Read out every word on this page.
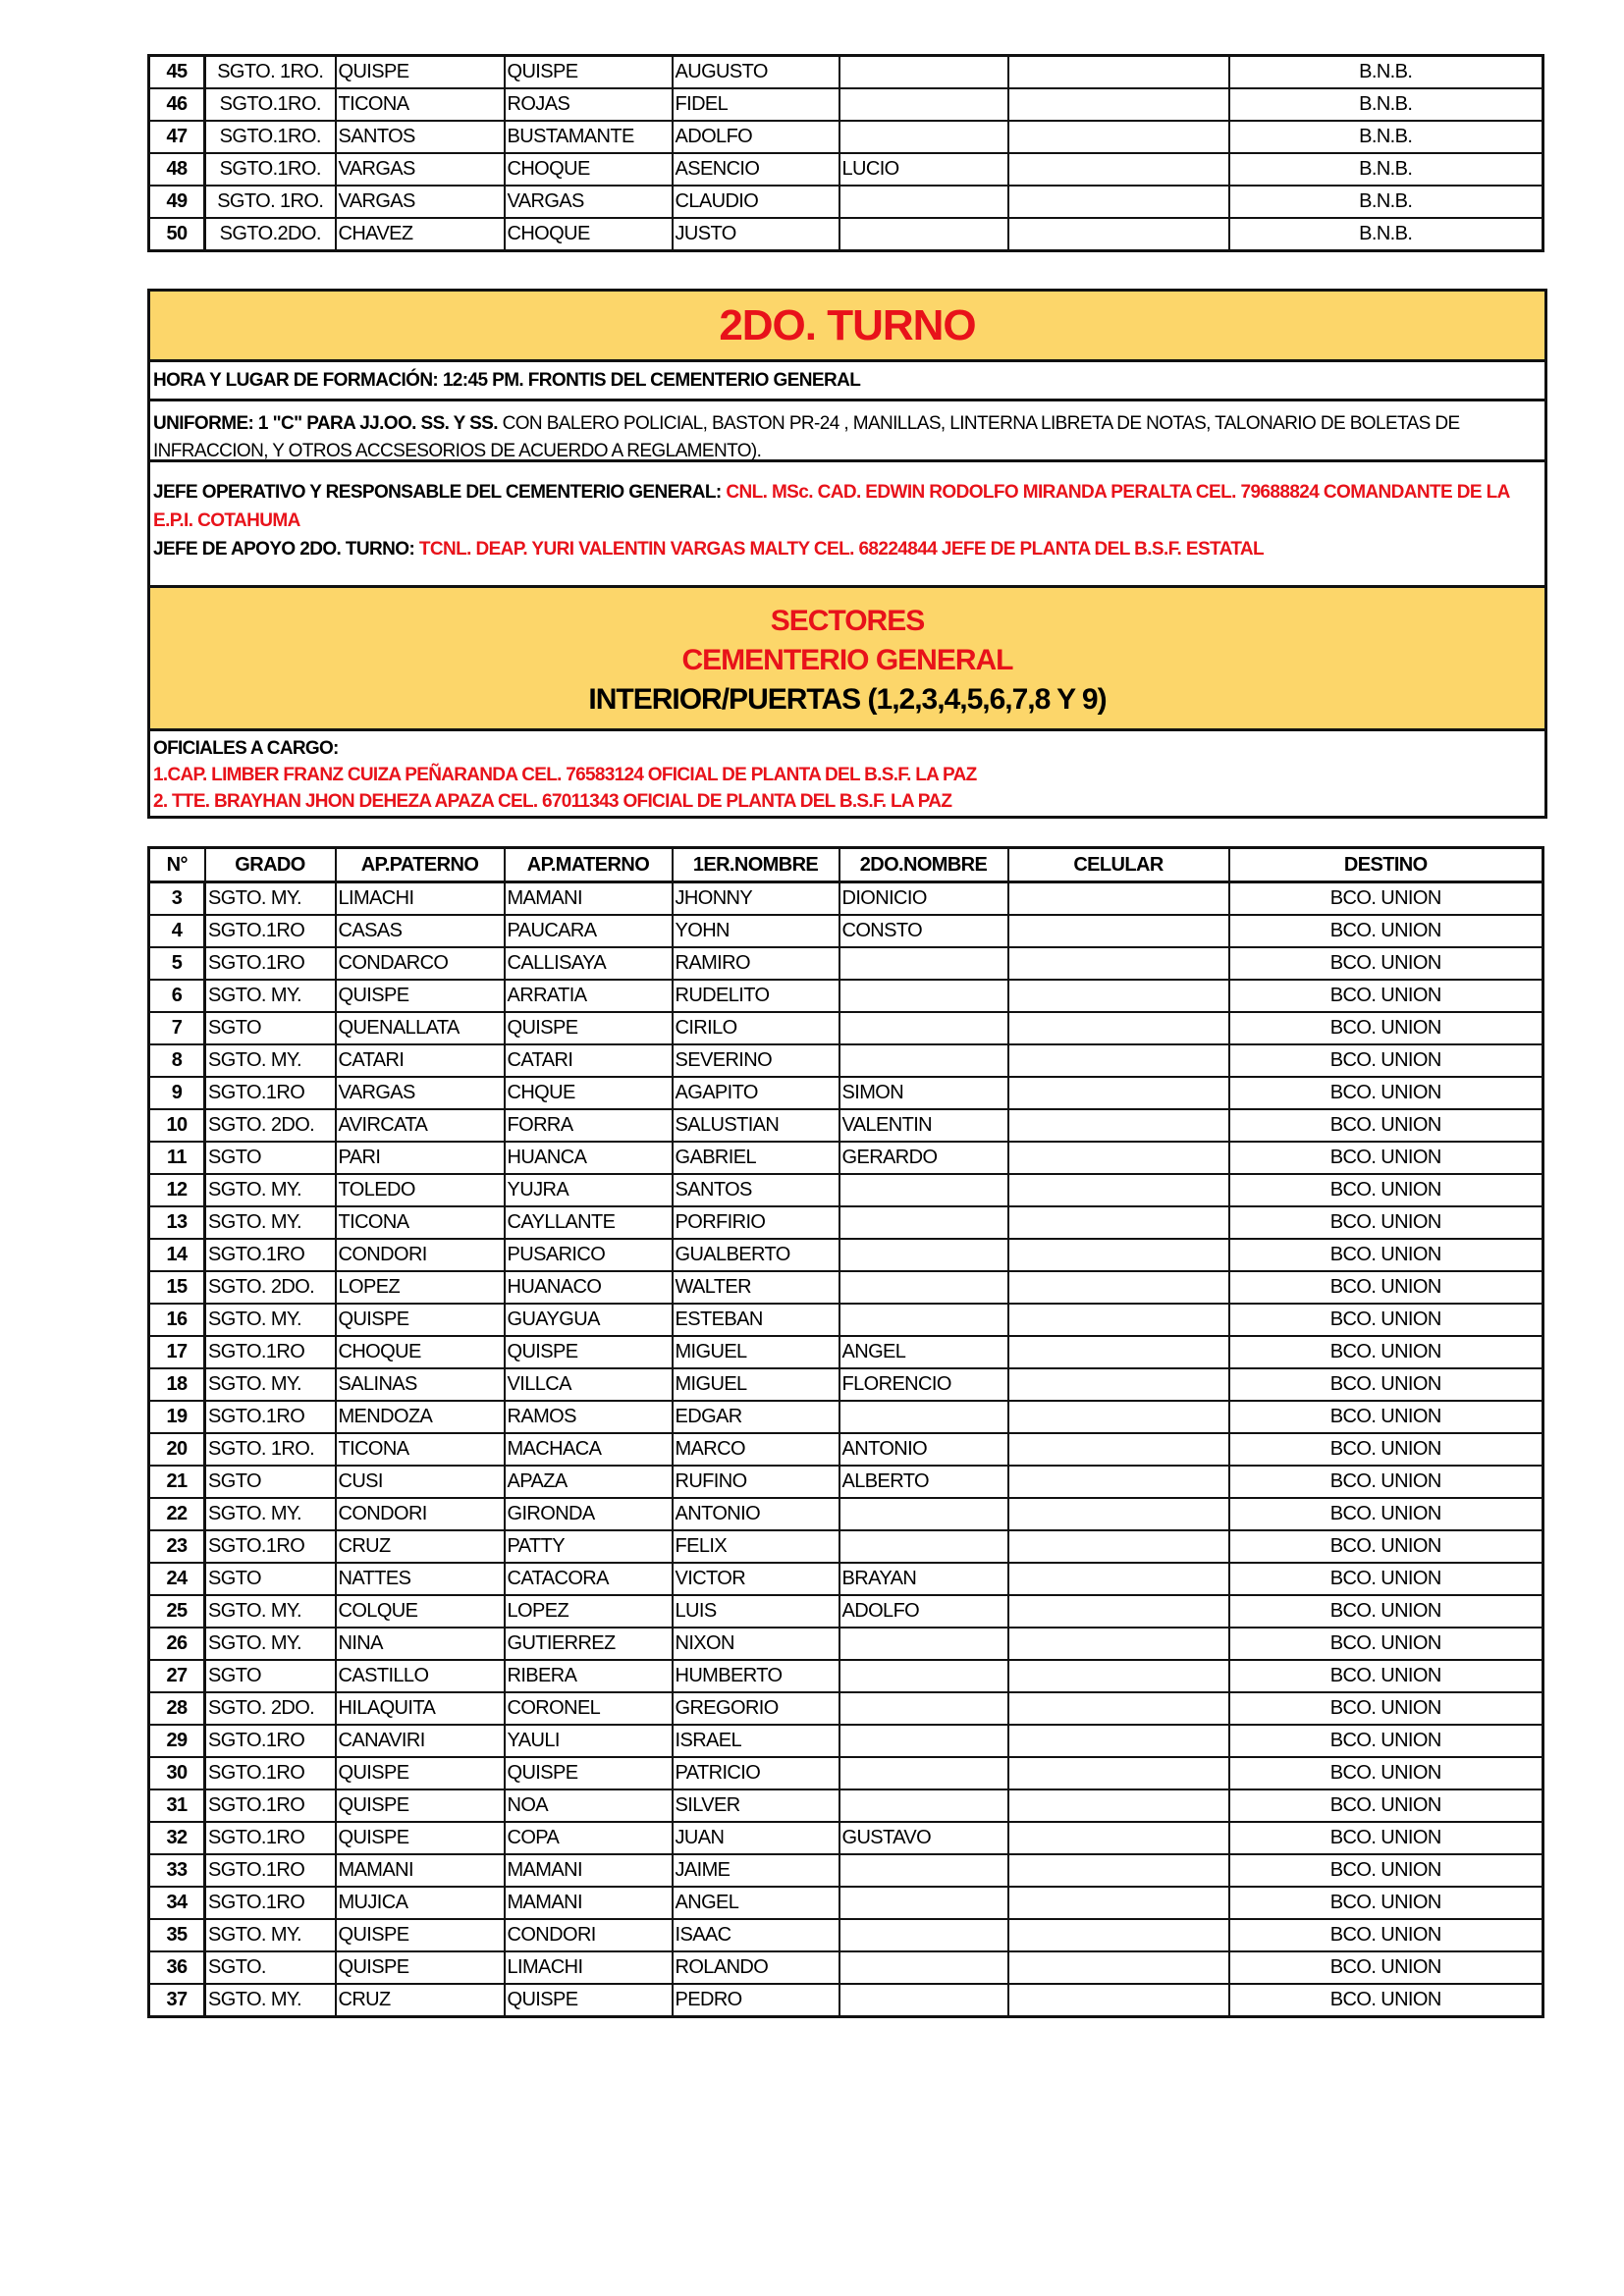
45	SGTO. 1RO.	QUISPE	QUISPE	AUGUSTO			B.N.B.
46	SGTO.1RO.	TICONA	ROJAS	FIDEL			B.N.B.
47	SGTO.1RO.	SANTOS	BUSTAMANTE	ADOLFO			B.N.B.
48	SGTO.1RO.	VARGAS	CHOQUE	ASENCIO	LUCIO		B.N.B.
49	SGTO. 1RO.	VARGAS	VARGAS	CLAUDIO			B.N.B.
50	SGTO.2DO.	CHAVEZ	CHOQUE	JUSTO			B.N.B.
2DO. TURNO
HORA Y LUGAR DE FORMACIÓN: 12:45 PM. FRONTIS DEL CEMENTERIO GENERAL
UNIFORME: 1 "C" PARA JJ.OO. SS. Y SS. CON BALERO POLICIAL, BASTON PR-24 , MANILLAS, LINTERNA LIBRETA DE NOTAS, TALONARIO DE BOLETAS DE INFRACCION, Y OTROS ACCSESORIOS DE ACUERDO A REGLAMENTO).
JEFE OPERATIVO Y RESPONSABLE DEL CEMENTERIO GENERAL: CNL. MSc. CAD. EDWIN RODOLFO MIRANDA PERALTA CEL. 79688824 COMANDANTE DE LA E.P.I. COTAHUMA
JEFE DE APOYO 2DO. TURNO: TCNL. DEAP. YURI VALENTIN VARGAS MALTY CEL. 68224844 JEFE DE PLANTA DEL B.S.F. ESTATAL
SECTORES
CEMENTERIO GENERAL
INTERIOR/PUERTAS (1,2,3,4,5,6,7,8 Y 9)
OFICIALES A CARGO:
1.CAP. LIMBER FRANZ CUIZA PEÑARANDA CEL. 76583124 OFICIAL DE PLANTA DEL B.S.F. LA PAZ
2. TTE. BRAYHAN JHON DEHEZA APAZA CEL. 67011343 OFICIAL DE PLANTA DEL B.S.F. LA PAZ
N°	GRADO	AP.PATERNO	AP.MATERNO	1ER.NOMBRE	2DO.NOMBRE	CELULAR	DESTINO
3	SGTO. MY.	LIMACHI	MAMANI	JHONNY	DIONICIO		BCO. UNION
4	SGTO.1RO	CASAS	PAUCARA	YOHN	CONSTO		BCO. UNION
5	SGTO.1RO	CONDARCO	CALLISAYA	RAMIRO			BCO. UNION
6	SGTO. MY.	QUISPE	ARRATIA	RUDELITO			BCO. UNION
7	SGTO	QUENALLATA	QUISPE	CIRILO			BCO. UNION
8	SGTO. MY.	CATARI	CATARI	SEVERINO			BCO. UNION
9	SGTO.1RO	VARGAS	CHQUE	AGAPITO	SIMON		BCO. UNION
10	SGTO. 2DO.	AVIRCATA	FORRA	SALUSTIAN	VALENTIN		BCO. UNION
11	SGTO	PARI	HUANCA	GABRIEL	GERARDO		BCO. UNION
12	SGTO. MY.	TOLEDO	YUJRA	SANTOS			BCO. UNION
13	SGTO. MY.	TICONA	CAYLLANTE	PORFIRIO			BCO. UNION
14	SGTO.1RO	CONDORI	PUSARICO	GUALBERTO			BCO. UNION
15	SGTO. 2DO.	LOPEZ	HUANACO	WALTER			BCO. UNION
16	SGTO. MY.	QUISPE	GUAYGUA	ESTEBAN			BCO. UNION
17	SGTO.1RO	CHOQUE	QUISPE	MIGUEL	ANGEL		BCO. UNION
18	SGTO. MY.	SALINAS	VILLCA	MIGUEL	FLORENCIO		BCO. UNION
19	SGTO.1RO	MENDOZA	RAMOS	EDGAR			BCO. UNION
20	SGTO. 1RO.	TICONA	MACHACA	MARCO	ANTONIO		BCO. UNION
21	SGTO	CUSI	APAZA	RUFINO	ALBERTO		BCO. UNION
22	SGTO. MY.	CONDORI	GIRONDA	ANTONIO			BCO. UNION
23	SGTO.1RO	CRUZ	PATTY	FELIX			BCO. UNION
24	SGTO	NATTES	CATACORA	VICTOR	BRAYAN		BCO. UNION
25	SGTO. MY.	COLQUE	LOPEZ	LUIS	ADOLFO		BCO. UNION
26	SGTO. MY.	NINA	GUTIERREZ	NIXON			BCO. UNION
27	SGTO	CASTILLO	RIBERA	HUMBERTO			BCO. UNION
28	SGTO. 2DO.	HILAQUITA	CORONEL	GREGORIO			BCO. UNION
29	SGTO.1RO	CANAVIRI	YAULI	ISRAEL			BCO. UNION
30	SGTO.1RO	QUISPE	QUISPE	PATRICIO			BCO. UNION
31	SGTO.1RO	QUISPE	NOA	SILVER			BCO. UNION
32	SGTO.1RO	QUISPE	COPA	JUAN	GUSTAVO		BCO. UNION
33	SGTO.1RO	MAMANI	MAMANI	JAIME			BCO. UNION
34	SGTO.1RO	MUJICA	MAMANI	ANGEL			BCO. UNION
35	SGTO. MY.	QUISPE	CONDORI	ISAAC			BCO. UNION
36	SGTO.	QUISPE	LIMACHI	ROLANDO			BCO. UNION
37	SGTO. MY.	CRUZ	QUISPE	PEDRO			BCO. UNION
